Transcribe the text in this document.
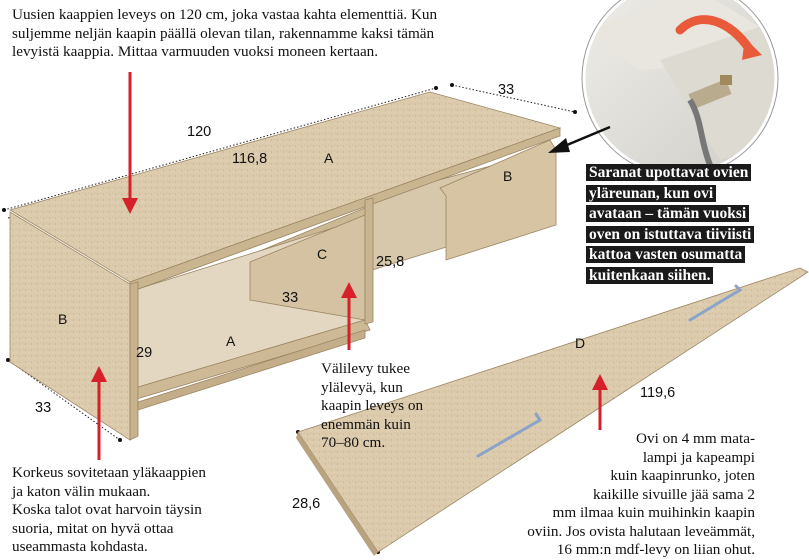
Uusien kaappien leveys on 120 cm, joka vastaa kahta elementtiä. Kun
suljemme neljän kaapin päällä olevan tilan, rakennamme kaksi tämän
levyistä kaappia. Mittaa varmuuden vuoksi moneen kertaan.
Saranat upottavat ovien
yläreunan, kun ovi
avataan – tämän vuoksi
oven on istuttava tiiviisti
kattoa vasten osumatta
kuitenkaan siihen.
Välilevy tukee
ylälevyä, kun
kaapin leveys on
enemmän kuin
70–80 cm.
Korkeus sovitetaan yläkaappien
ja katon välin mukaan.
Koska talot ovat harvoin täysin
suoria, mitat on hyvä ottaa
useammasta kohdasta.
Ovi on 4 mm mata-
lampi ja kapeampi
kuin kaapinrunko, joten
kaikille sivuille jää sama 2
mm ilmaa kuin muihinkin kaapin
oviin. Jos ovista halutaan leveämmät,
16 mm:n mdf-levy on liian ohut.
120
116,8
33
33
33
29
25,8
119,6
28,6
A
A
B
B
C
D
